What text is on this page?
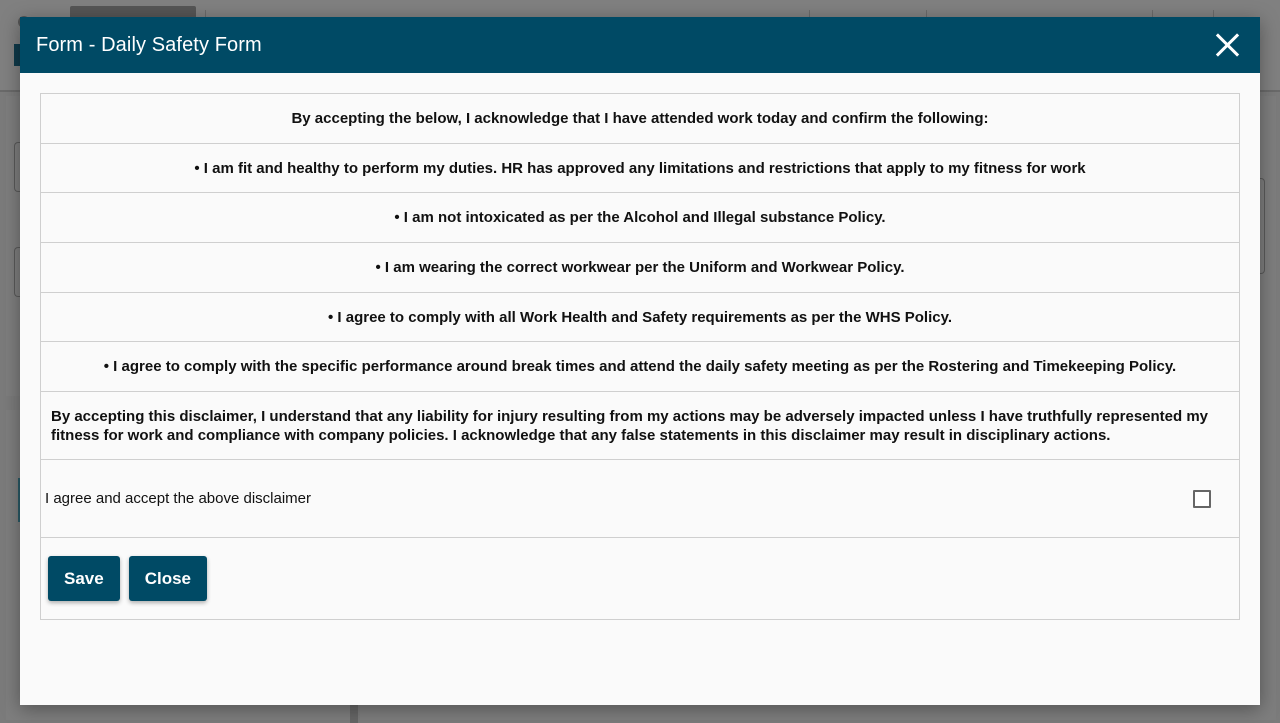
Form - Daily Safety Form
By accepting the below, I acknowledge that I have attended work today and confirm the following:
• I am fit and healthy to perform my duties. HR has approved any limitations and restrictions that apply to my fitness for work
• I am not intoxicated as per the Alcohol and Illegal substance Policy.
• I am wearing the correct workwear per the Uniform and Workwear Policy.
• I agree to comply with all Work Health and Safety requirements as per the WHS Policy.
• I agree to comply with the specific performance around break times and attend the daily safety meeting as per the Rostering and Timekeeping Policy.
By accepting this disclaimer, I understand that any liability for injury resulting from my actions may be adversely impacted unless I have truthfully represented my fitness for work and compliance with company policies. I acknowledge that any false statements in this disclaimer may result in disciplinary actions.
I agree and accept the above disclaimer
Save	Close
